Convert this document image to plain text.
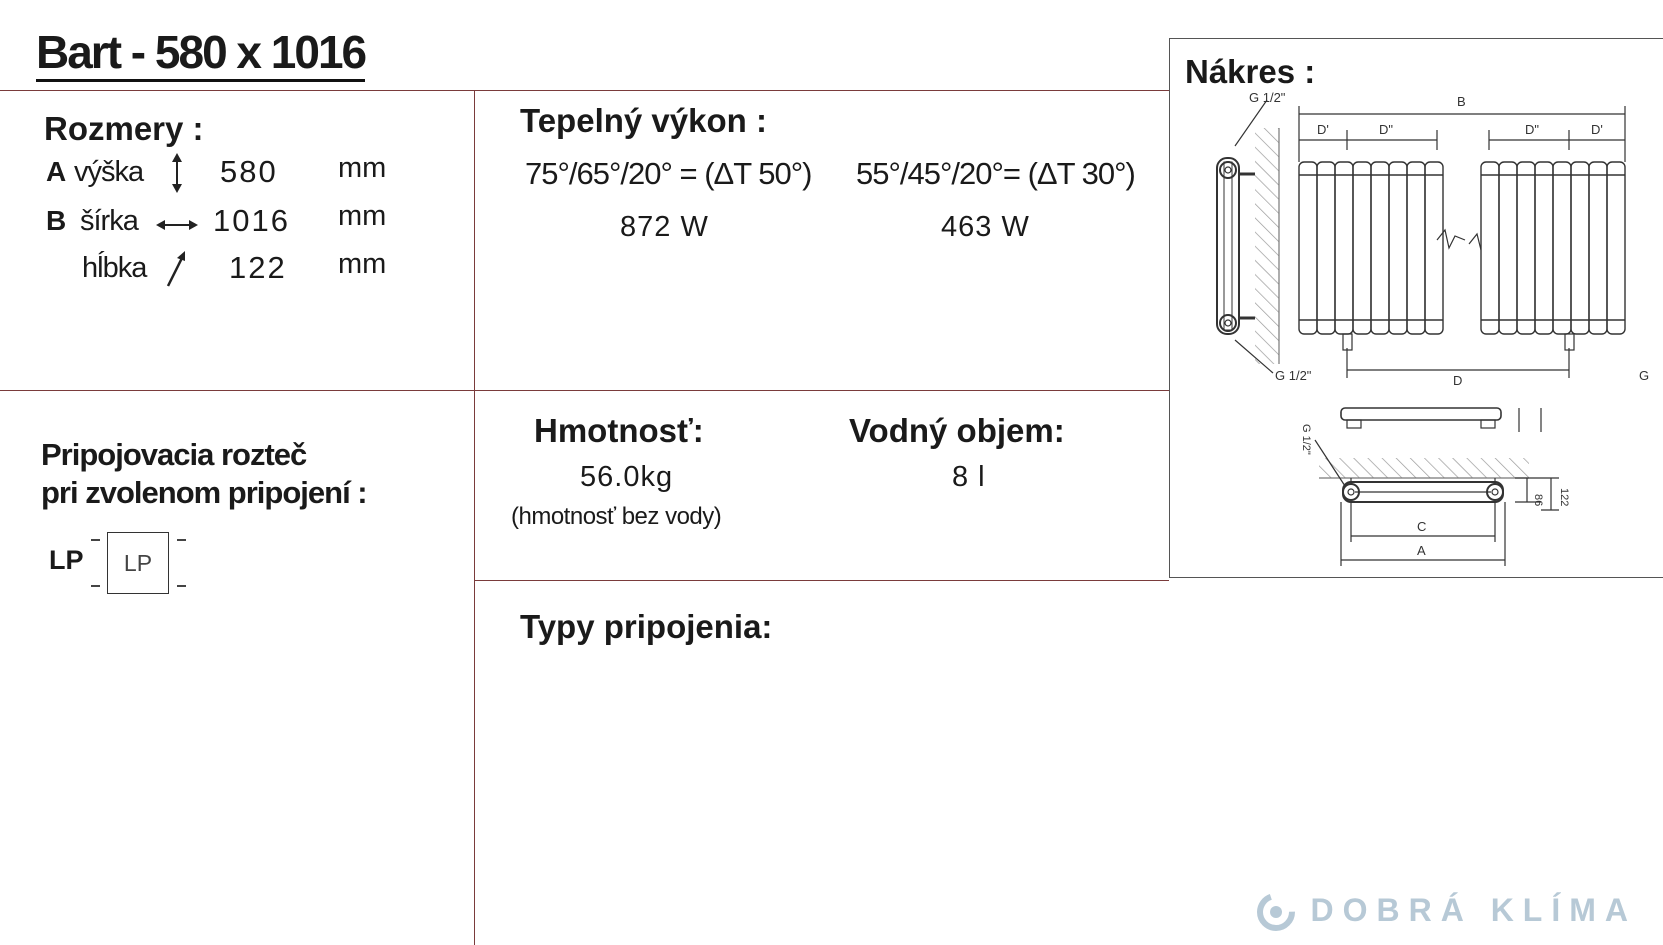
Bart - 580 x 1016
Rozmery :
A výška 580 mm
B šírka 1016 mm
hĺbka	122 mm
Tepelný výkon :
75°/65°/20° = (ΔT 50°) 55°/45°/20°= (ΔT 30°)
872 W	463 W
Pripojovacia rozteč
pri zvolenom pripojení :
LP	LP
Hmotnosť:
56.0kg
(hmotnosť bez vody)
Vodný objem:
8 l
Typy pripojenia:
Nákres :
G 1/2"
G 1/2"	G
B
D'	D"	D"	D'
D
C
A
86 122
G 1/2"
DOBRÁ KLÍMA
